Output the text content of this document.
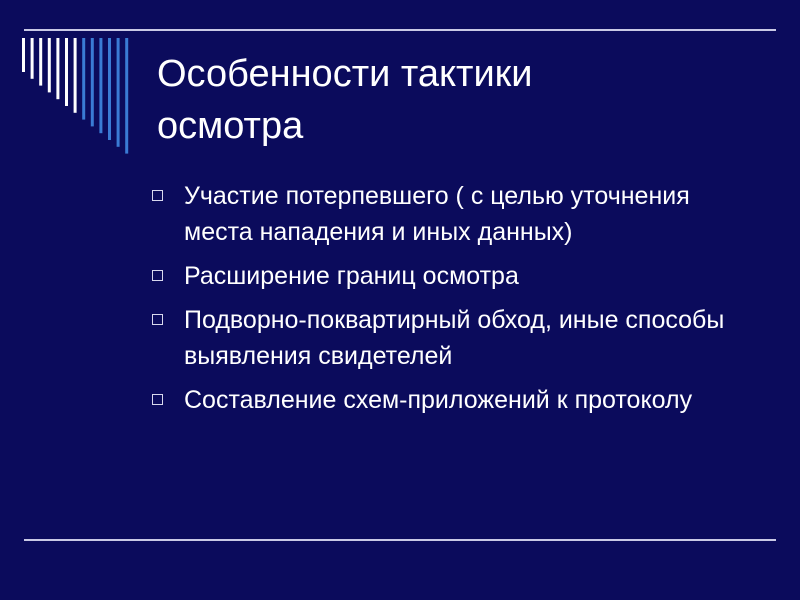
Особенности тактики
осмотра
Участие потерпевшего ( с целью уточнения места нападения и иных данных)
Расширение границ осмотра
Подворно-поквартирный обход, иные способы выявления свидетелей
Составление схем-приложений к протоколу
